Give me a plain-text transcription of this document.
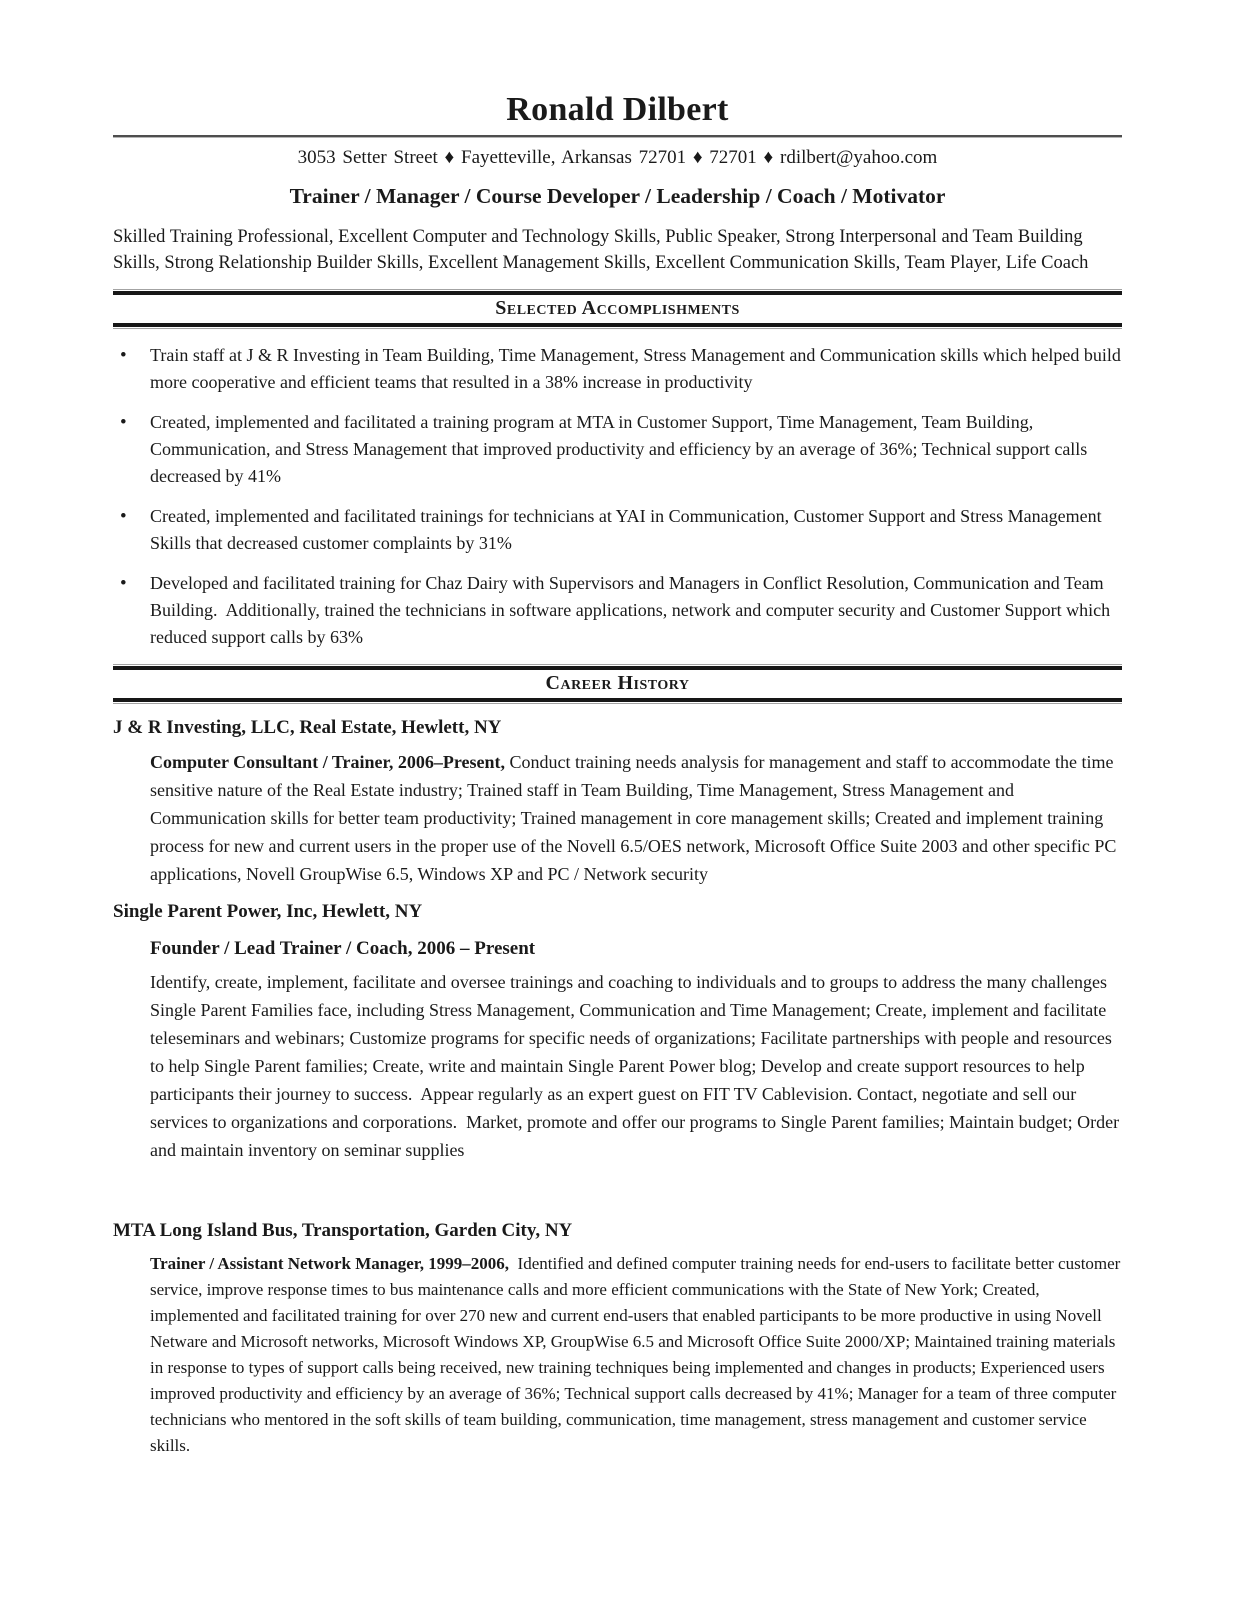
Ronald Dilbert

3053 Setter Street ♦ Fayetteville, Arkansas 72701 ♦ 72701 ♦ rdilbert@yahoo.com

Trainer / Manager / Course Developer / Leadership / Coach / Motivator

Skilled Training Professional, Excellent Computer and Technology Skills, Public Speaker, Strong Interpersonal and Team Building Skills, Strong Relationship Builder Skills, Excellent Management Skills, Excellent Communication Skills, Team Player, Life Coach

Selected Accomplishments
• Train staff at J & R Investing in Team Building, Time Management, Stress Management and Communication skills which helped build more cooperative and efficient teams that resulted in a 38% increase in productivity
• Created, implemented and facilitated a training program at MTA in Customer Support, Time Management, Team Building, Communication, and Stress Management that improved productivity and efficiency by an average of 36%; Technical support calls decreased by 41%
• Created, implemented and facilitated trainings for technicians at YAI in Communication, Customer Support and Stress Management Skills that decreased customer complaints by 31%
• Developed and facilitated training for Chaz Dairy with Supervisors and Managers in Conflict Resolution, Communication and Team Building.  Additionally, trained the technicians in software applications, network and computer security and Customer Support which reduced support calls by 63%
Career History
J & R Investing, LLC, Real Estate, Hewlett, NY

Computer Consultant / Trainer, 2006–Present, Conduct training needs analysis for management and staff to accommodate the time sensitive nature of the Real Estate industry; Trained staff in Team Building, Time Management, Stress Management and Communication skills for better team productivity; Trained management in core management skills; Created and implement training process for new and current users in the proper use of the Novell 6.5/OES network, Microsoft Office Suite 2003 and other specific PC applications, Novell GroupWise 6.5, Windows XP and PC / Network security

Single Parent Power, Inc, Hewlett, NY

Founder / Lead Trainer / Coach, 2006 – Present

Identify, create, implement, facilitate and oversee trainings and coaching to individuals and to groups to address the many challenges Single Parent Families face, including Stress Management, Communication and Time Management; Create, implement and facilitate teleseminars and webinars; Customize programs for specific needs of organizations; Facilitate partnerships with people and resources to help Single Parent families; Create, write and maintain Single Parent Power blog; Develop and create support resources to help participants their journey to success.  Appear regularly as an expert guest on FIT TV Cablevision. Contact, negotiate and sell our services to organizations and corporations.  Market, promote and offer our programs to Single Parent families; Maintain budget; Order and maintain inventory on seminar supplies

MTA Long Island Bus, Transportation, Garden City, NY

Trainer / Assistant Network Manager, 1999–2006, Identified and defined computer training needs for end-users to facilitate better customer service, improve response times to bus maintenance calls and more efficient communications with the State of New York; Created, implemented and facilitated training for over 270 new and current end-users that enabled participants to be more productive in using Novell Netware and Microsoft networks, Microsoft Windows XP, GroupWise 6.5 and Microsoft Office Suite 2000/XP; Maintained training materials in response to types of support calls being received, new training techniques being implemented and changes in products; Experienced users improved productivity and efficiency by an average of 36%; Technical support calls decreased by 41%; Manager for a team of three computer technicians who mentored in the soft skills of team building, communication, time management, stress management and customer service skills.
